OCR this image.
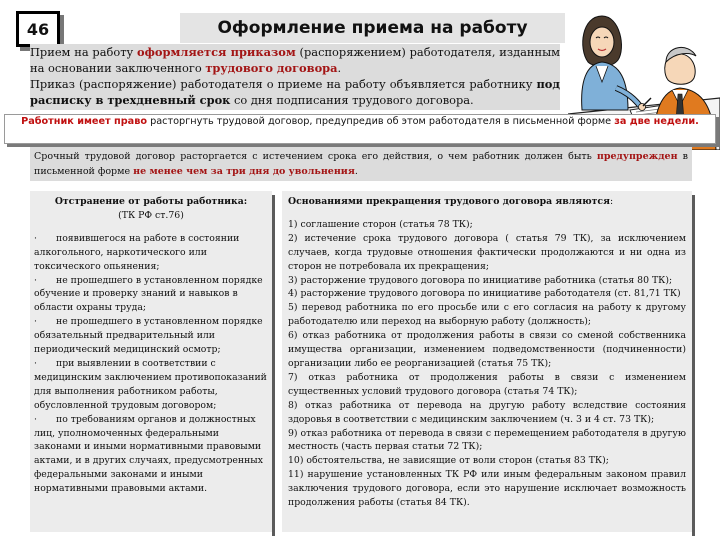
46	Оформление приема на работу

Прием на работу оформляется приказом (распоряжением) работодателя, изданным на основании заключенного трудового договора.

Приказ (распоряжение) работодателя о приеме на работу объявляется работнику под расписку в трехдневный срок со дня подписания трудового договора.

Работник имеет право расторгнуть трудовой договор, предупредив об этом работодателя в письменной форме за две недели.
Срочный трудовой договор расторгается с истечением срока его действия, о чем работник должен быть предупрежден в письменной форме не менее чем за три дня до увольнения.
Отстранение от работы работника:
(ТК РФ ст.76)

· появившегося на работе в состоянии алкогольного, наркотического или токсического опьянения;

· не прошедшего в установленном порядке обучение и проверку знаний и навыков в области охраны труда;

· не прошедшего в установленном порядке обязательный предварительный или периодический медицинский осмотр;

· при выявлении в соответствии с медицинским заключением противопоказаний для выполнения работником работы, обусловленной трудовым договором;

· по требованиям органов и должностных лиц, уполномоченных федеральными законами и иными нормативными правовыми актами, и в других случаях, предусмотренных федеральными законами и иными нормативными правовыми актами.

Основаниями прекращения трудового договора являются:

1) соглашение сторон (статья 78 ТК);

2) истечение срока трудового договора ( статья 79 ТК), за исключением случаев, когда трудовые отношения фактически продолжаются и ни одна из сторон не потребовала их прекращения;

3) расторжение трудового договора по инициативе работника (статья 80 ТК);

4) расторжение трудового договора по инициативе работодателя (ст. 81,71 ТК)

5) перевод работника по его просьбе или с его согласия на работу к другому работодателю или переход на выборную работу (должность);

6) отказ работника от продолжения работы в связи со сменой собственника имущества организации, изменением подведомственности (подчиненности) организации либо ее реорганизацией (статья 75 ТК);

7) отказ работника от продолжения работы в связи с изменением существенных условий трудового договора (статья 74 ТК);

8) отказ работника от перевода на другую работу вследствие состояния здоровья в соответствии с медицинским заключением (ч. 3 и 4 ст. 73 ТК);

9) отказ работника от перевода в связи с перемещением работодателя в другую местность (часть первая статьи 72 ТК);

10) обстоятельства, не зависящие от воли сторон (статья 83 ТК);

11) нарушение установленных ТК РФ или иным федеральным законом правил заключения трудового договора, если это нарушение исключает возможность продолжения работы (статья 84 ТК).
